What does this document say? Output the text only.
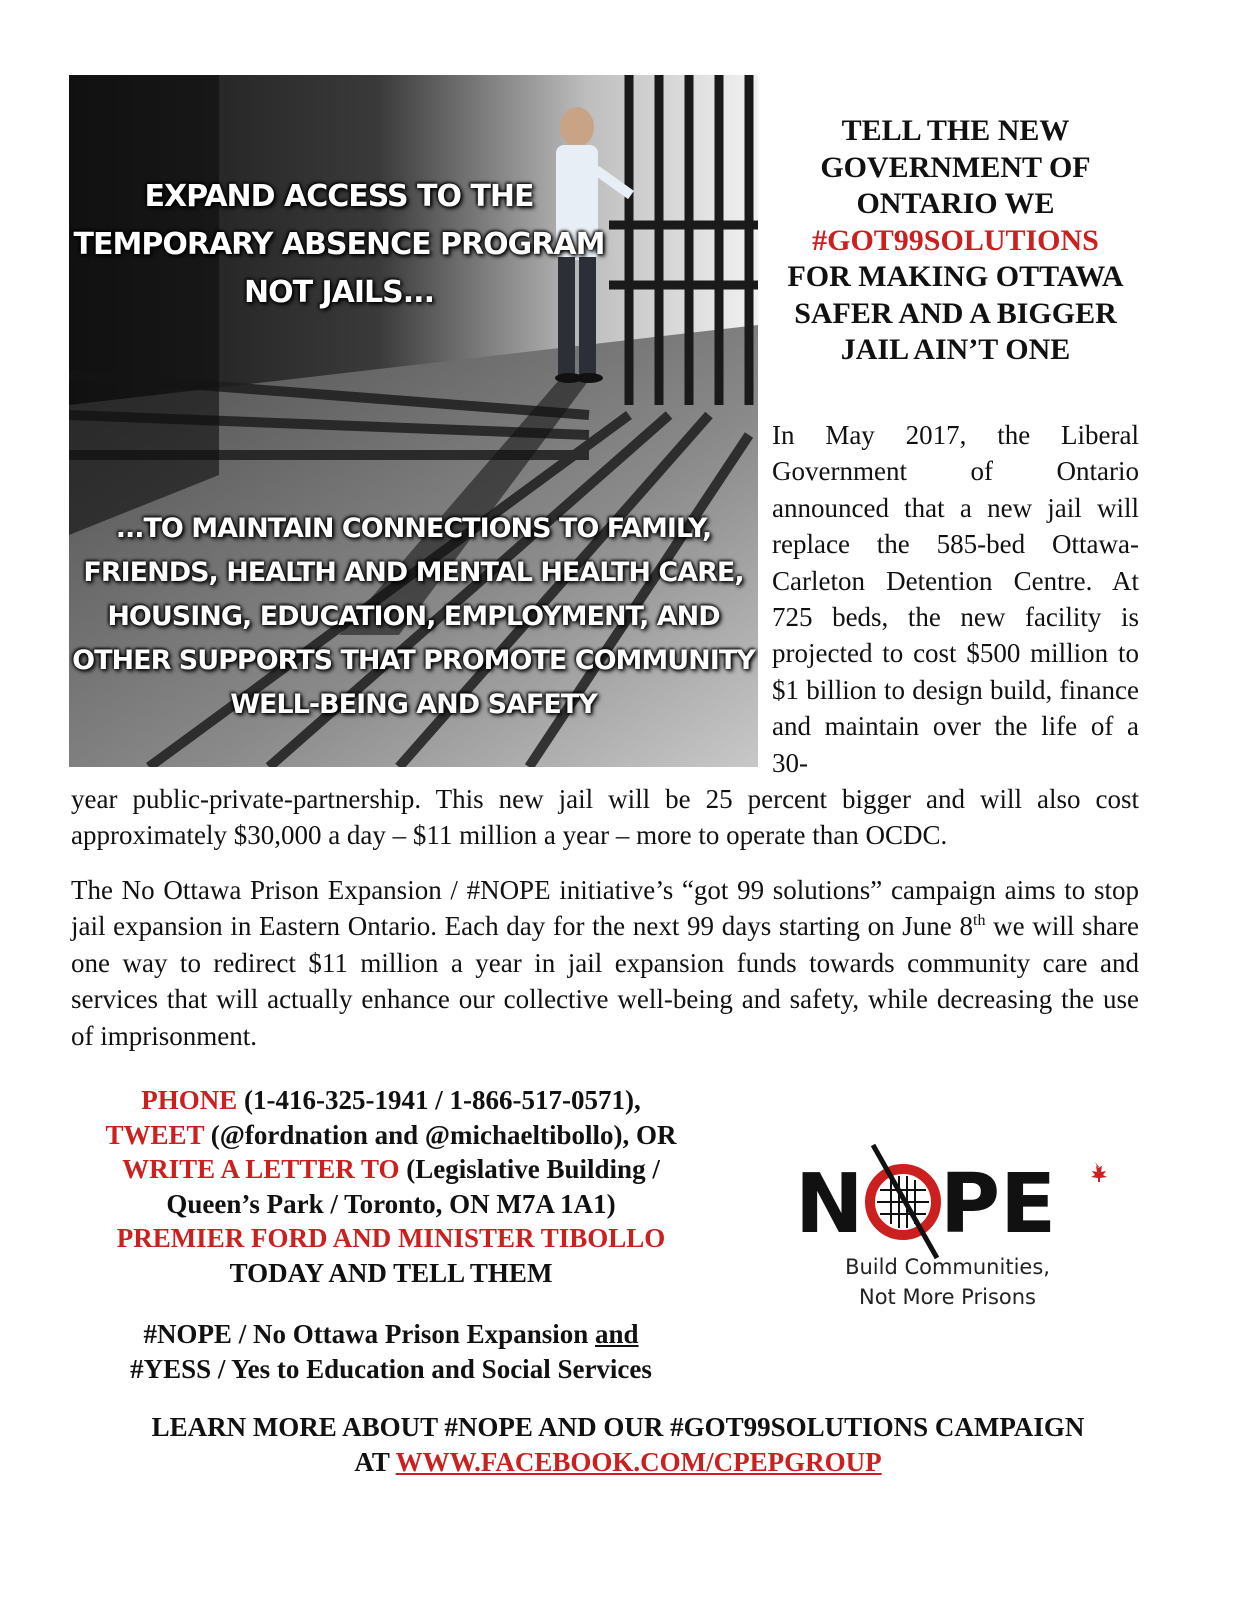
EXPAND ACCESS TO THE TEMPORARY ABSENCE PROGRAM NOT JAILS...
...TO MAINTAIN CONNECTIONS TO FAMILY, FRIENDS, HEALTH AND MENTAL HEALTH CARE, HOUSING, EDUCATION, EMPLOYMENT, AND OTHER SUPPORTS THAT PROMOTE COMMUNITY WELL-BEING AND SAFETY
TELL THE NEW GOVERNMENT OF ONTARIO WE
#GOT99SOLUTIONS
FOR MAKING OTTAWA SAFER AND A BIGGER JAIL AIN’T ONE
In May 2017, the Liberal Government of Ontario announced that a new jail will replace the 585-bed Ottawa-Carleton Detention Centre. At 725 beds, the new facility is projected to cost $500 million to $1 billion to design build, finance and maintain over the life of a 30-
year public-private-partnership. This new jail will be 25 percent bigger and will also cost approximately $30,000 a day – $11 million a year – more to operate than OCDC.
The No Ottawa Prison Expansion / #NOPE initiative’s “got 99 solutions” campaign aims to stop jail expansion in Eastern Ontario. Each day for the next 99 days starting on June 8th we will share one way to redirect $11 million a year in jail expansion funds towards community care and services that will actually enhance our collective well-being and safety, while decreasing the use of imprisonment.
PHONE (1-416-325-1941 / 1-866-517-0571),
TWEET (@fordnation and @michaeltibollo), OR
WRITE A LETTER TO (Legislative Building /
Queen’s Park / Toronto, ON M7A 1A1)
PREMIER FORD AND MINISTER TIBOLLO
TODAY AND TELL THEM
#NOPE / No Ottawa Prison Expansion and
#YESS / Yes to Education and Social Services
N PE
Build Communities,
Not More Prisons
LEARN MORE ABOUT #NOPE AND OUR #GOT99SOLUTIONS CAMPAIGN
AT WWW.FACEBOOK.COM/CPEPGROUP
